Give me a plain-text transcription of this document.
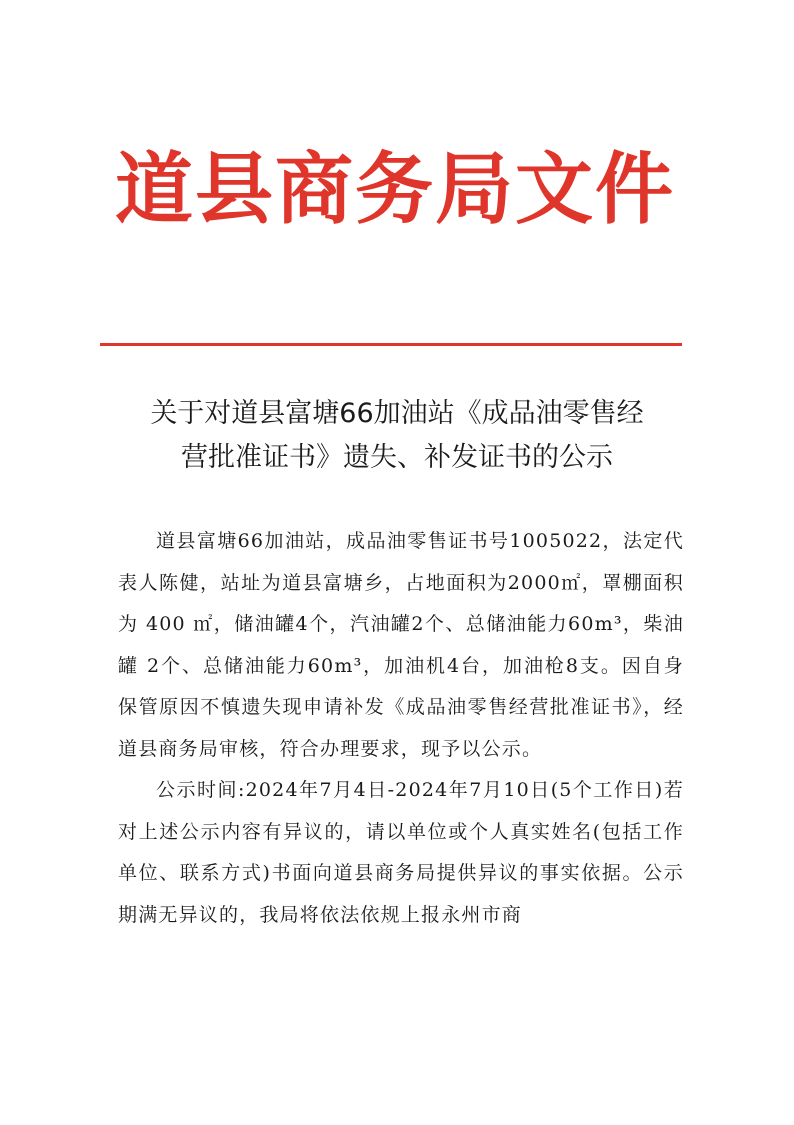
道县商务局文件
关于对道县富塘66加油站《成品油零售经
营批准证书》遗失、补发证书的公示

道县富塘66加油站，成品油零售证书号1005022，法定代表人陈健，站址为道县富塘乡，占地面积为2000㎡，罩棚面积为 400 ㎡，储油罐4个，汽油罐2个、总储油能力60m³，柴油罐 2个、总储油能力60m³，加油机4台，加油枪8支。因自身保管原因不慎遗失现申请补发《成品油零售经营批准证书》，经道县商务局审核，符合办理要求，现予以公示。

公示时间:2024年7月4日-2024年7月10日(5个工作日)若对上述公示内容有异议的，请以单位或个人真实姓名(包括工作单位、联系方式)书面向道县商务局提供异议的事实依据。公示期满无异议的，我局将依法依规上报永州市商
